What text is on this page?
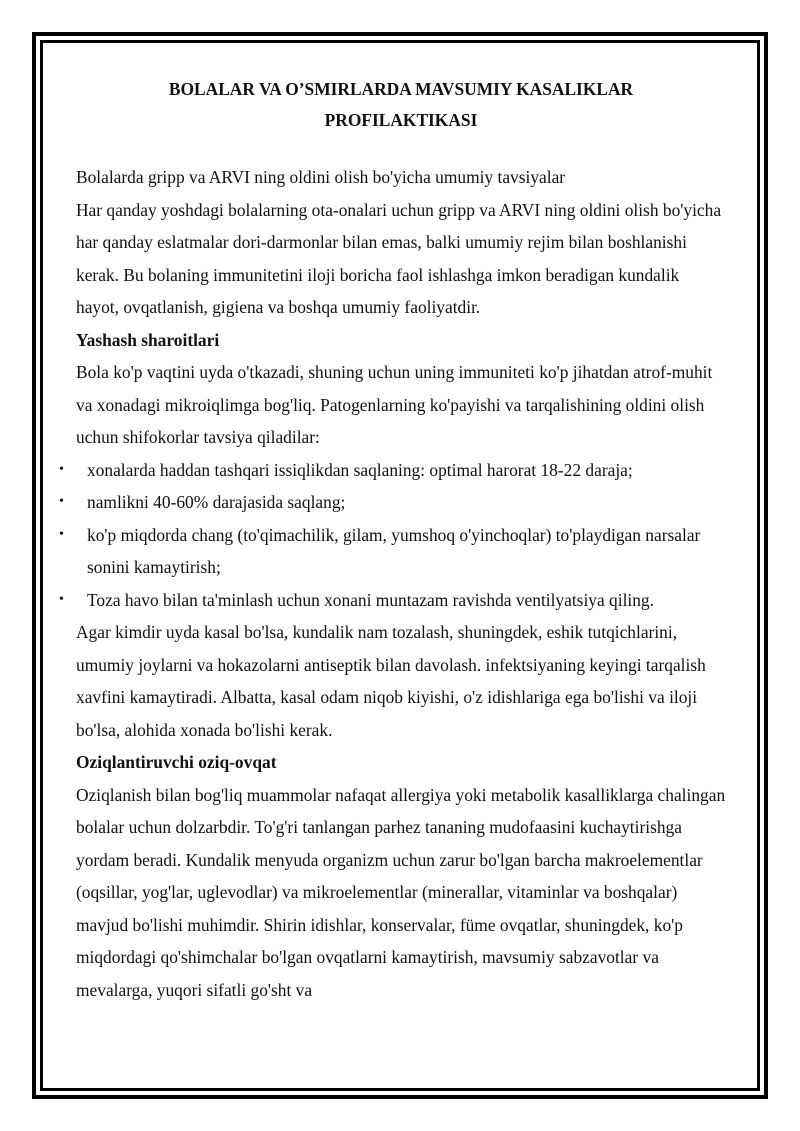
BOLALAR VA O’SMIRLARDA MAVSUMIY KASALIKLAR
PROFILAKTIKASI

Bolalarda gripp va ARVI ning oldini olish bo'yicha umumiy tavsiyalar

Har qanday yoshdagi bolalarning ota-onalari uchun gripp va ARVI ning oldini olish bo'yicha har qanday eslatmalar dori-darmonlar bilan emas, balki umumiy rejim bilan boshlanishi kerak. Bu bolaning immunitetini iloji boricha faol ishlashga imkon beradigan kundalik hayot, ovqatlanish, gigiena va boshqa umumiy faoliyatdir.

Yashash sharoitlari

Bola ko'p vaqtini uyda o'tkazadi, shuning uchun uning immuniteti ko'p jihatdan atrof-muhit va xonadagi mikroiqlimga bog'liq. Patogenlarning ko'payishi va tarqalishining oldini olish uchun shifokorlar tavsiya qiladilar:

• xonalarda haddan tashqari issiqlikdan saqlaning: optimal harorat 18-22 daraja;
• namlikni 40-60% darajasida saqlang;
• ko'p miqdorda chang (to'qimachilik, gilam, yumshoq o'yinchoqlar) to'playdigan narsalar sonini kamaytirish;
• Toza havo bilan ta'minlash uchun xonani muntazam ravishda ventilyatsiya qiling.

Agar kimdir uyda kasal bo'lsa, kundalik nam tozalash, shuningdek, eshik tutqichlarini, umumiy joylarni va hokazolarni antiseptik bilan davolash. infektsiyaning keyingi tarqalish xavfini kamaytiradi. Albatta, kasal odam niqob kiyishi, o'z idishlariga ega bo'lishi va iloji bo'lsa, alohida xonada bo'lishi kerak.

Oziqlantiruvchi oziq-ovqat

Oziqlanish bilan bog'liq muammolar nafaqat allergiya yoki metabolik kasalliklarga chalingan bolalar uchun dolzarbdir. To'g'ri tanlangan parhez tananing mudofaasini kuchaytirishga yordam beradi. Kundalik menyuda organizm uchun zarur bo'lgan barcha makroelementlar (oqsillar, yog'lar, uglevodlar) va mikroelementlar (minerallar, vitaminlar va boshqalar) mavjud bo'lishi muhimdir. Shirin idishlar, konservalar, füme ovqatlar, shuningdek, ko'p miqdordagi qo'shimchalar bo'lgan ovqatlarni kamaytirish, mavsumiy sabzavotlar va mevalarga, yuqori sifatli go'sht va
